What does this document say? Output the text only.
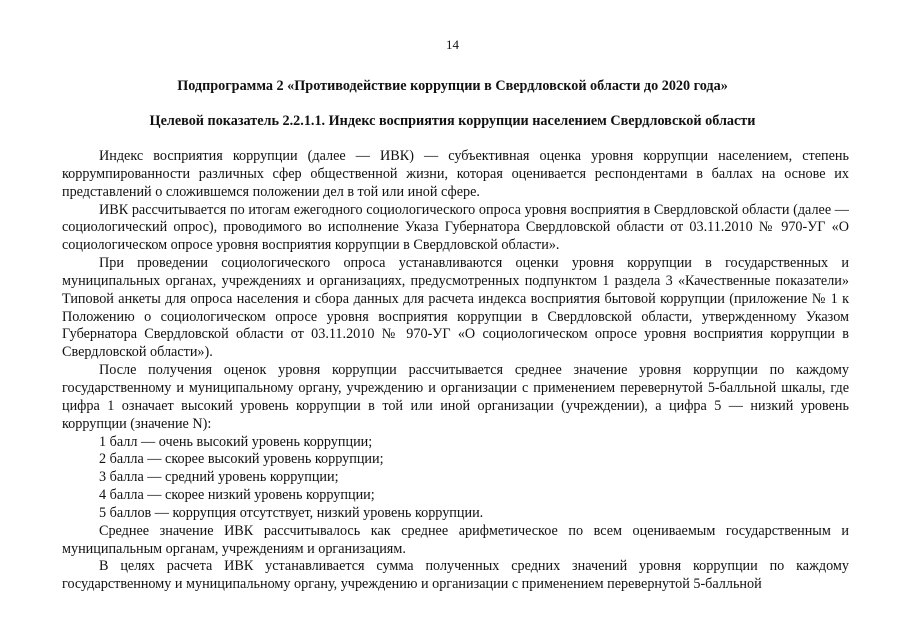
14
Подпрограмма 2 «Противодействие коррупции в Свердловской области до 2020 года»
Целевой показатель 2.2.1.1. Индекс восприятия коррупции населением Свердловской области

Индекс восприятия коррупции (далее — ИВК) — субъективная оценка уровня коррупции населением, степень коррумпированности различных сфер общественной жизни, которая оценивается респондентами в баллах на основе их представлений о сложившемся положении дел в той или иной сфере.

ИВК рассчитывается по итогам ежегодного социологического опроса уровня восприятия в Свердловской области (далее — социологический опрос), проводимого во исполнение Указа Губернатора Свердловской области от 03.11.2010 № 970-УГ «О социологическом опросе уровня восприятия коррупции в Свердловской области».

При проведении социологического опроса устанавливаются оценки уровня коррупции в государственных и муниципальных органах, учреждениях и организациях, предусмотренных подпунктом 1 раздела 3 «Качественные показатели» Типовой анкеты для опроса населения и сбора данных для расчета индекса восприятия бытовой коррупции (приложение № 1 к Положению о социологическом опросе уровня восприятия коррупции в Свердловской области, утвержденному Указом Губернатора Свердловской области от 03.11.2010 № 970-УГ «О социологическом опросе уровня восприятия коррупции в Свердловской области»).

После получения оценок уровня коррупции рассчитывается среднее значение уровня коррупции по каждому государственному и муниципальному органу, учреждению и организации с применением перевернутой 5-балльной шкалы, где цифра 1 означает высокий уровень коррупции в той или иной организации (учреждении), а цифра 5 — низкий уровень коррупции (значение N):

1 балл — очень высокий уровень коррупции;

2 балла — скорее высокий уровень коррупции;

3 балла — средний уровень коррупции;

4 балла — скорее низкий уровень коррупции;

5 баллов — коррупция отсутствует, низкий уровень коррупции.

Среднее значение ИВК рассчитывалось как среднее арифметическое по всем оцениваемым государственным и муниципальным органам, учреждениям и организациям.

В целях расчета ИВК устанавливается сумма полученных средних значений уровня коррупции по каждому государственному и муниципальному органу, учреждению и организации с применением перевернутой 5-балльной
